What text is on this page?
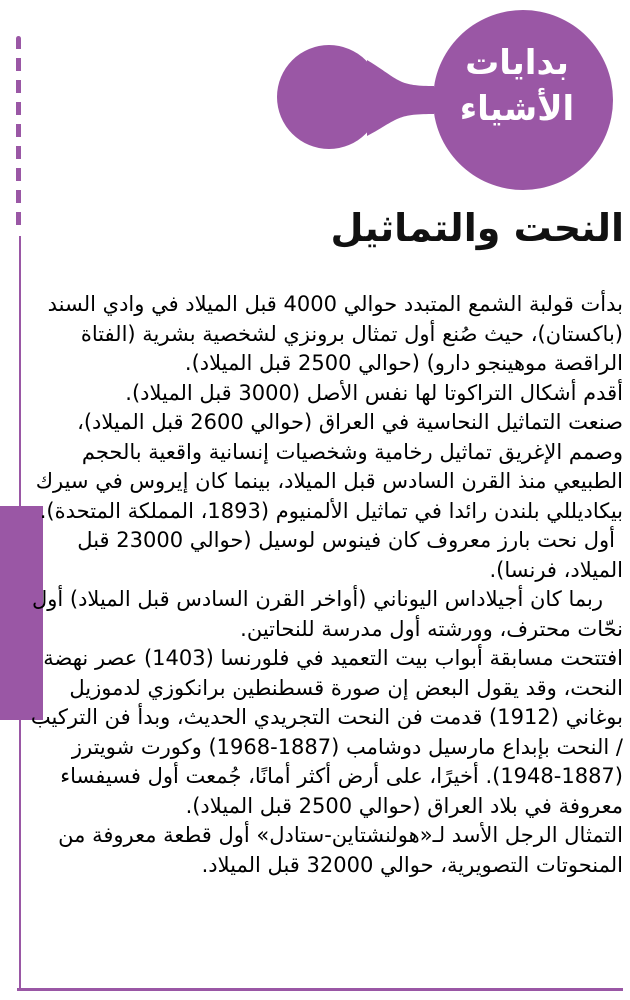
بدايات
الأشياء
النحت والتماثيل

بدأت قولبة الشمع المتبدد حوالي 4000 قبل الميلاد في وادي السند (باكستان)، حيث صُنع أول تمثال برونزي لشخصية بشرية (الفتاة الراقصة موهينجو دارو) (حوالي 2500 قبل الميلاد).

أقدم أشكال التراكوتا لها نفس الأصل (3000 قبل الميلاد).

صنعت التماثيل النحاسية في العراق (حوالي 2600 قبل الميلاد)، وصمم الإغريق تماثيل رخامية وشخصيات إنسانية واقعية بالحجم الطبيعي منذ القرن السادس قبل الميلاد، بينما كان إيروس في سيرك بيكاديللي بلندن رائدا في تماثيل الألمنيوم (1893، المملكة المتحدة).

أول نحت بارز معروف كان فينوس لوسيل (حوالي 23000 قبل الميلاد، فرنسا).

ربما كان أجيلاداس اليوناني (أواخر القرن السادس قبل الميلاد) أول نحّات محترف، وورشته أول مدرسة للنحاتين.

افتتحت مسابقة أبواب بيت التعميد في فلورنسا (1403) عصر نهضة النحت، وقد يقول البعض إن صورة قسطنطين برانكوزي لدموزيل بوغاني (1912) قدمت فن النحت التجريدي الحديث، وبدأ فن التركيب / النحت بإبداع مارسيل دوشامب (1887-1968) وكورت شويترز (1887-1948). أخيرًا، على أرض أكثر أمانًا، جُمعت أول فسيفساء معروفة في بلاد العراق (حوالي 2500 قبل الميلاد).

التمثال الرجل الأسد لـ«هولنشتاين-ستادل» أول قطعة معروفة من المنحوتات التصويرية، حوالي 32000 قبل الميلاد.
